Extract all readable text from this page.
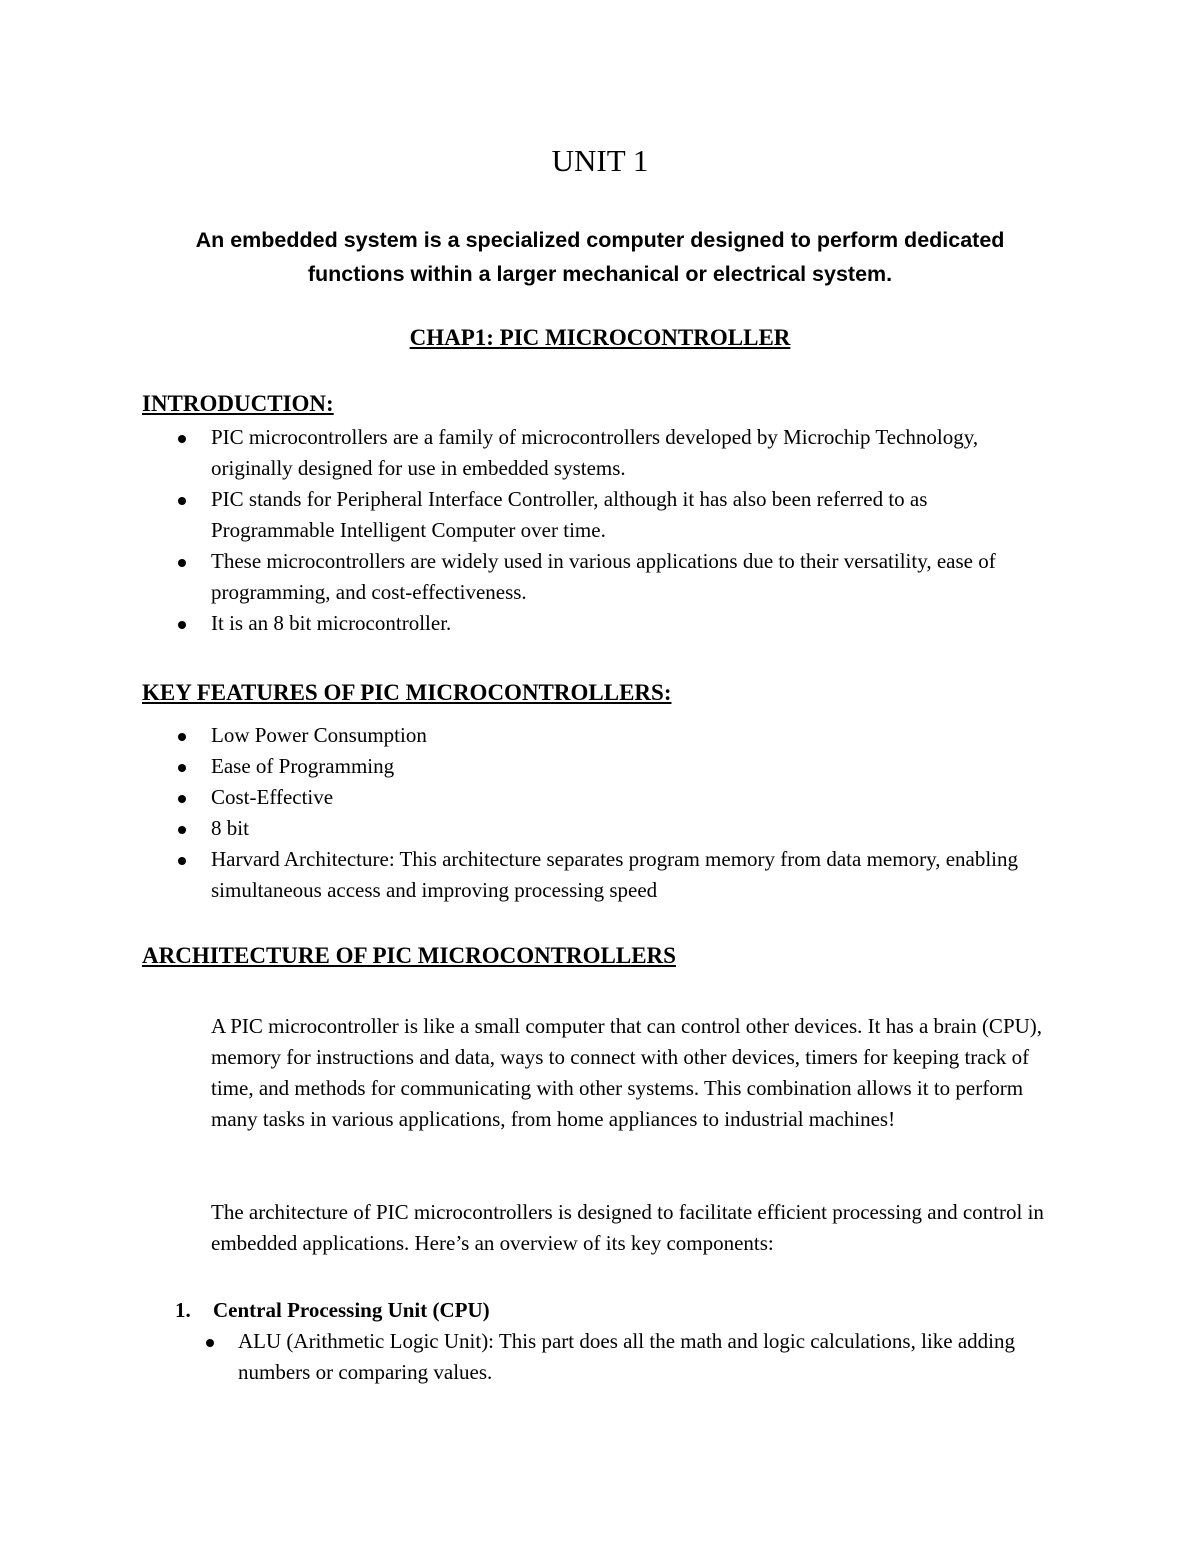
UNIT 1

An embedded system is a specialized computer designed to perform dedicated functions within a larger mechanical or electrical system.

CHAP1: PIC MICROCONTROLLER
INTRODUCTION:
PIC microcontrollers are a family of microcontrollers developed by Microchip Technology, originally designed for use in embedded systems.
PIC stands for Peripheral Interface Controller, although it has also been referred to as Programmable Intelligent Computer over time.
These microcontrollers are widely used in various applications due to their versatility, ease of programming, and cost-effectiveness.
It is an 8 bit microcontroller.
KEY FEATURES OF PIC MICROCONTROLLERS:
Low Power Consumption
Ease of Programming
Cost-Effective
8 bit
Harvard Architecture: This architecture separates program memory from data memory, enabling simultaneous access and improving processing speed
ARCHITECTURE OF PIC MICROCONTROLLERS

A PIC microcontroller is like a small computer that can control other devices. It has a brain (CPU), memory for instructions and data, ways to connect with other devices, timers for keeping track of time, and methods for communicating with other systems. This combination allows it to perform many tasks in various applications, from home appliances to industrial machines!

The architecture of PIC microcontrollers is designed to facilitate efficient processing and control in embedded applications. Here’s an overview of its key components:

1. Central Processing Unit (CPU)

ALU (Arithmetic Logic Unit): This part does all the math and logic calculations, like adding numbers or comparing values.
